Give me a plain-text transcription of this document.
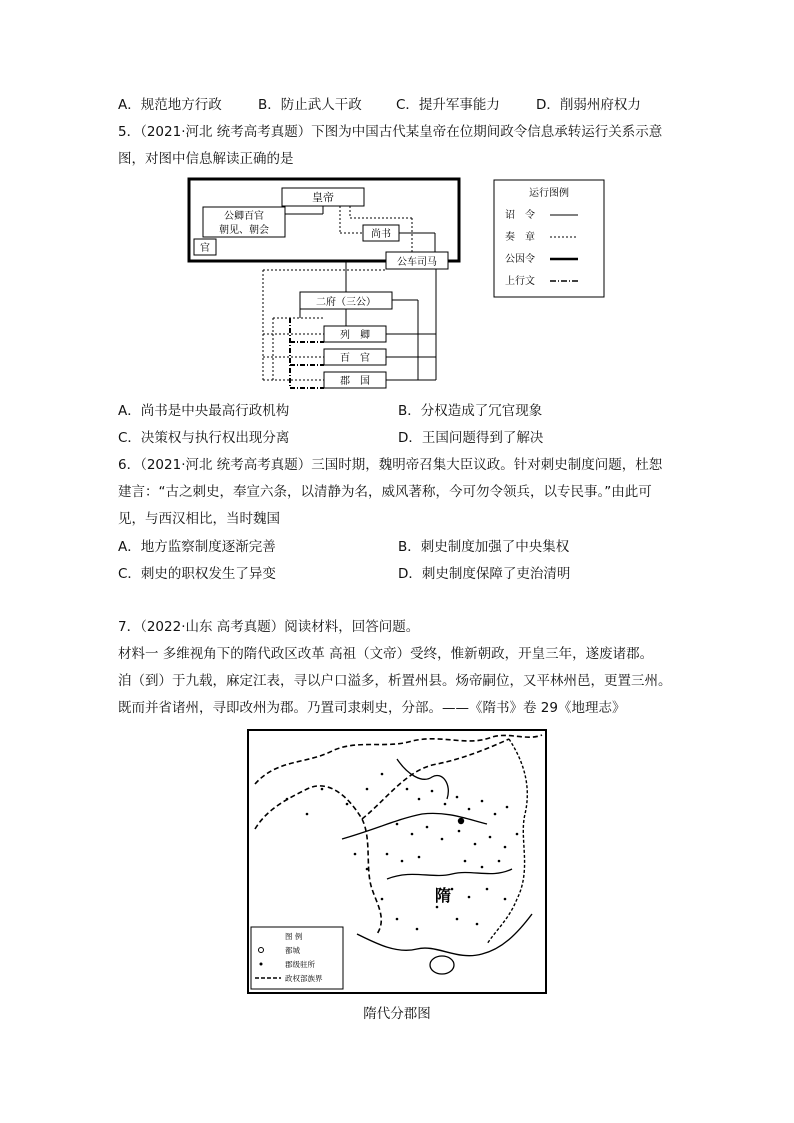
A．规范地方行政	B．防止武人干政	C．提升军事能力	D．削弱州府权力
5．（2021·河北 统考高考真题）下图为中国古代某皇帝在位期间政令信息承转运行关系示意
图，对图中信息解读正确的是
皇帝
公卿百官
朝见、朝会
官
尚书
公车司马
二府（三公）
列　卿
百　官
郡　国
运行图例
诏　令
奏　章
公因令
上行文
A．尚书是中央最高行政机构	B．分权造成了冗官现象
C．决策权与执行权出现分离	D．王国问题得到了解决
6．（2021·河北 统考高考真题）三国时期，魏明帝召集大臣议政。针对刺史制度问题，杜恕
建言：“古之刺史，奉宣六条，以清静为名，威风著称，今可勿令领兵，以专民事。”由此可
见，与西汉相比，当时魏国
A．地方监察制度逐渐完善	B．刺史制度加强了中央集权
C．刺史的职权发生了异变	D．刺史制度保障了吏治清明
7．（2022·山东 高考真题）阅读材料，回答问题。
材料一 多维视角下的隋代政区改革 高祖（文帝）受终，惟新朝政，开皇三年，遂废诸郡。
洎（到）于九载，麻定江表，寻以户口溢多，析置州县。炀帝嗣位，又平林州邑，更置三州。
既而并省诸州，寻即改州为郡。乃置司隶刺史，分部。——《隋书》卷 29《地理志》
隋
图 例
都城
郡级驻所
政权部族界
隋代分郡图
